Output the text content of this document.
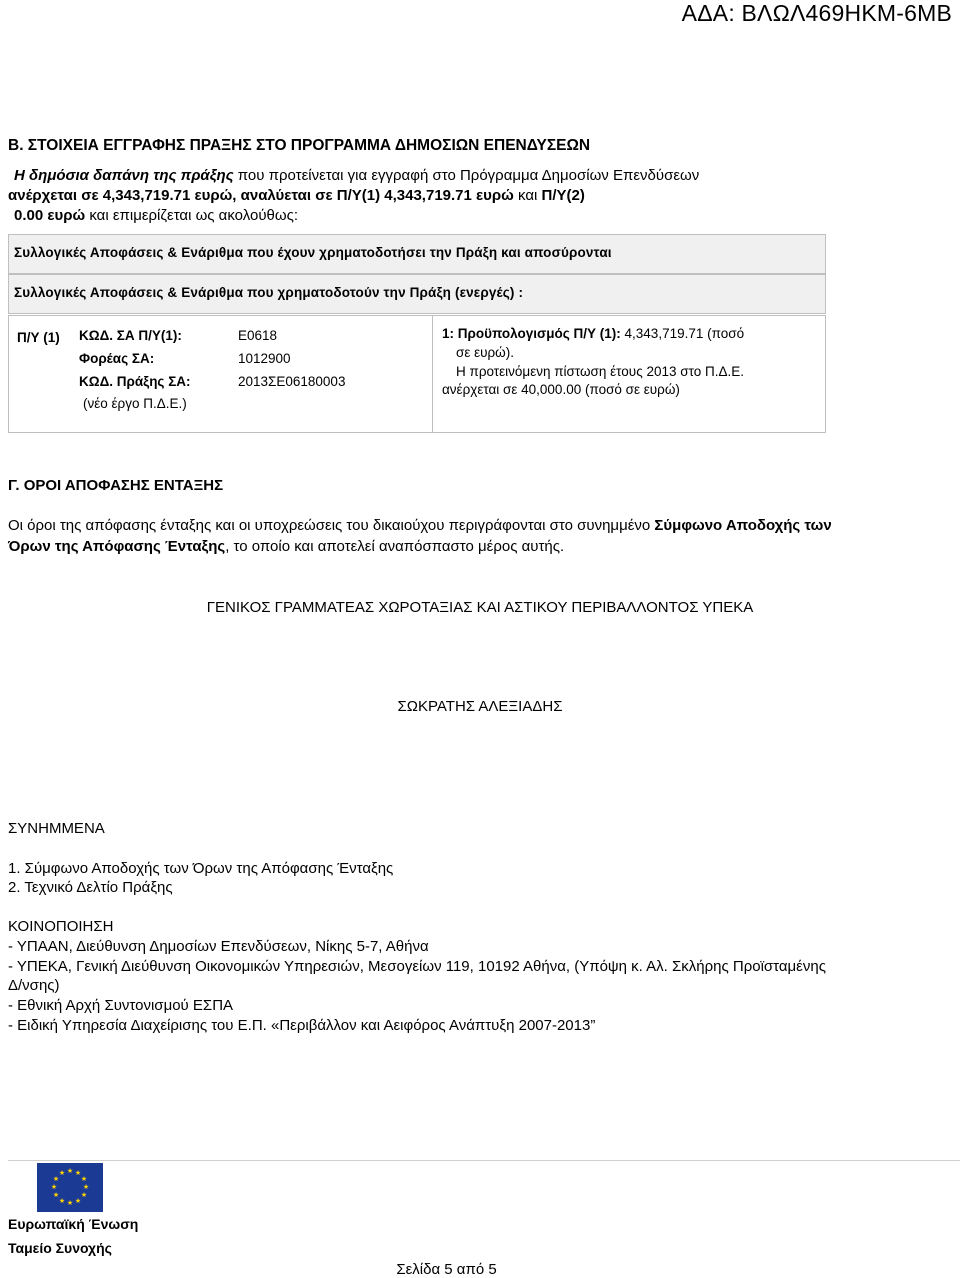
ΑΔΑ: ΒΛΩΛ469ΗΚΜ-6ΜΒ
Β. ΣΤΟΙΧΕΙΑ ΕΓΓΡΑΦΗΣ ΠΡΑΞΗΣ ΣΤΟ ΠΡΟΓΡΑΜΜΑ ΔΗΜΟΣΙΩΝ ΕΠΕΝΔΥΣΕΩΝ
Η δημόσια δαπάνη της πράξης που προτείνεται για εγγραφή στο Πρόγραμμα Δημοσίων Επενδύσεων
ανέρχεται σε 4,343,719.71 ευρώ, αναλύεται σε Π/Υ(1) 4,343,719.71 ευρώ και Π/Υ(2)
0.00 ευρώ και επιμερίζεται ως ακολούθως:
Συλλογικές Αποφάσεις & Ενάριθμα που έχουν χρηματοδοτήσει την Πράξη και αποσύρονται
Συλλογικές Αποφάσεις & Ενάριθμα που χρηματοδοτούν την Πράξη (ενεργές) :
Π/Υ (1) ΚΩΔ. ΣΑ Π/Υ(1):	Ε0618
Φορέας ΣΑ:	1012900
ΚΩΔ. Πράξης ΣΑ:	2013ΣΕ06180003
(νέο έργο Π.Δ.Ε.)
1: Προϋπολογισμός Π/Υ (1): 4,343,719.71 (ποσό
σε ευρώ).
Η προτεινόμενη πίστωση έτους 2013 στο Π.Δ.Ε.
ανέρχεται σε 40,000.00 (ποσό σε ευρώ)
Γ. ΟΡΟΙ ΑΠΟΦΑΣΗΣ ΕΝΤΑΞΗΣ
Οι όροι της απόφασης ένταξης και οι υποχρεώσεις του δικαιούχου περιγράφονται στο συνημμένο Σύμφωνο Αποδοχής των
Όρων της Απόφασης Ένταξης, το οποίο και αποτελεί αναπόσπαστο μέρος αυτής.
ΓΕΝΙΚΟΣ ΓΡΑΜΜΑΤΕΑΣ ΧΩΡΟΤΑΞΙΑΣ ΚΑΙ ΑΣΤΙΚΟΥ ΠΕΡΙΒΑΛΛΟΝΤΟΣ ΥΠΕΚΑ
ΣΩΚΡΑΤΗΣ ΑΛΕΞΙΑΔΗΣ
ΣΥΝΗΜΜΕΝΑ
1. Σύμφωνο Αποδοχής των Όρων της Απόφασης Ένταξης
2. Τεχνικό Δελτίο Πράξης
ΚΟΙΝΟΠΟΙΗΣΗ
- ΥΠΑΑΝ, Διεύθυνση Δημοσίων Επενδύσεων, Νίκης 5-7, Αθήνα
- ΥΠΕΚΑ, Γενική Διεύθυνση Οικονομικών Υπηρεσιών, Μεσογείων 119, 10192 Αθήνα, (Υπόψη κ. Αλ. Σκλήρης Προϊσταμένης
Δ/νσης)
- Εθνική Αρχή Συντονισμού ΕΣΠΑ
- Ειδική Υπηρεσία Διαχείρισης του Ε.Π. «Περιβάλλον και Αειφόρος Ανάπτυξη 2007-2013”
★ ★
★
★
★
★
★
★
★
★
★
★
Ευρωπαϊκή Ένωση
Ταμείο Συνοχής
Σελίδα 5 από 5
